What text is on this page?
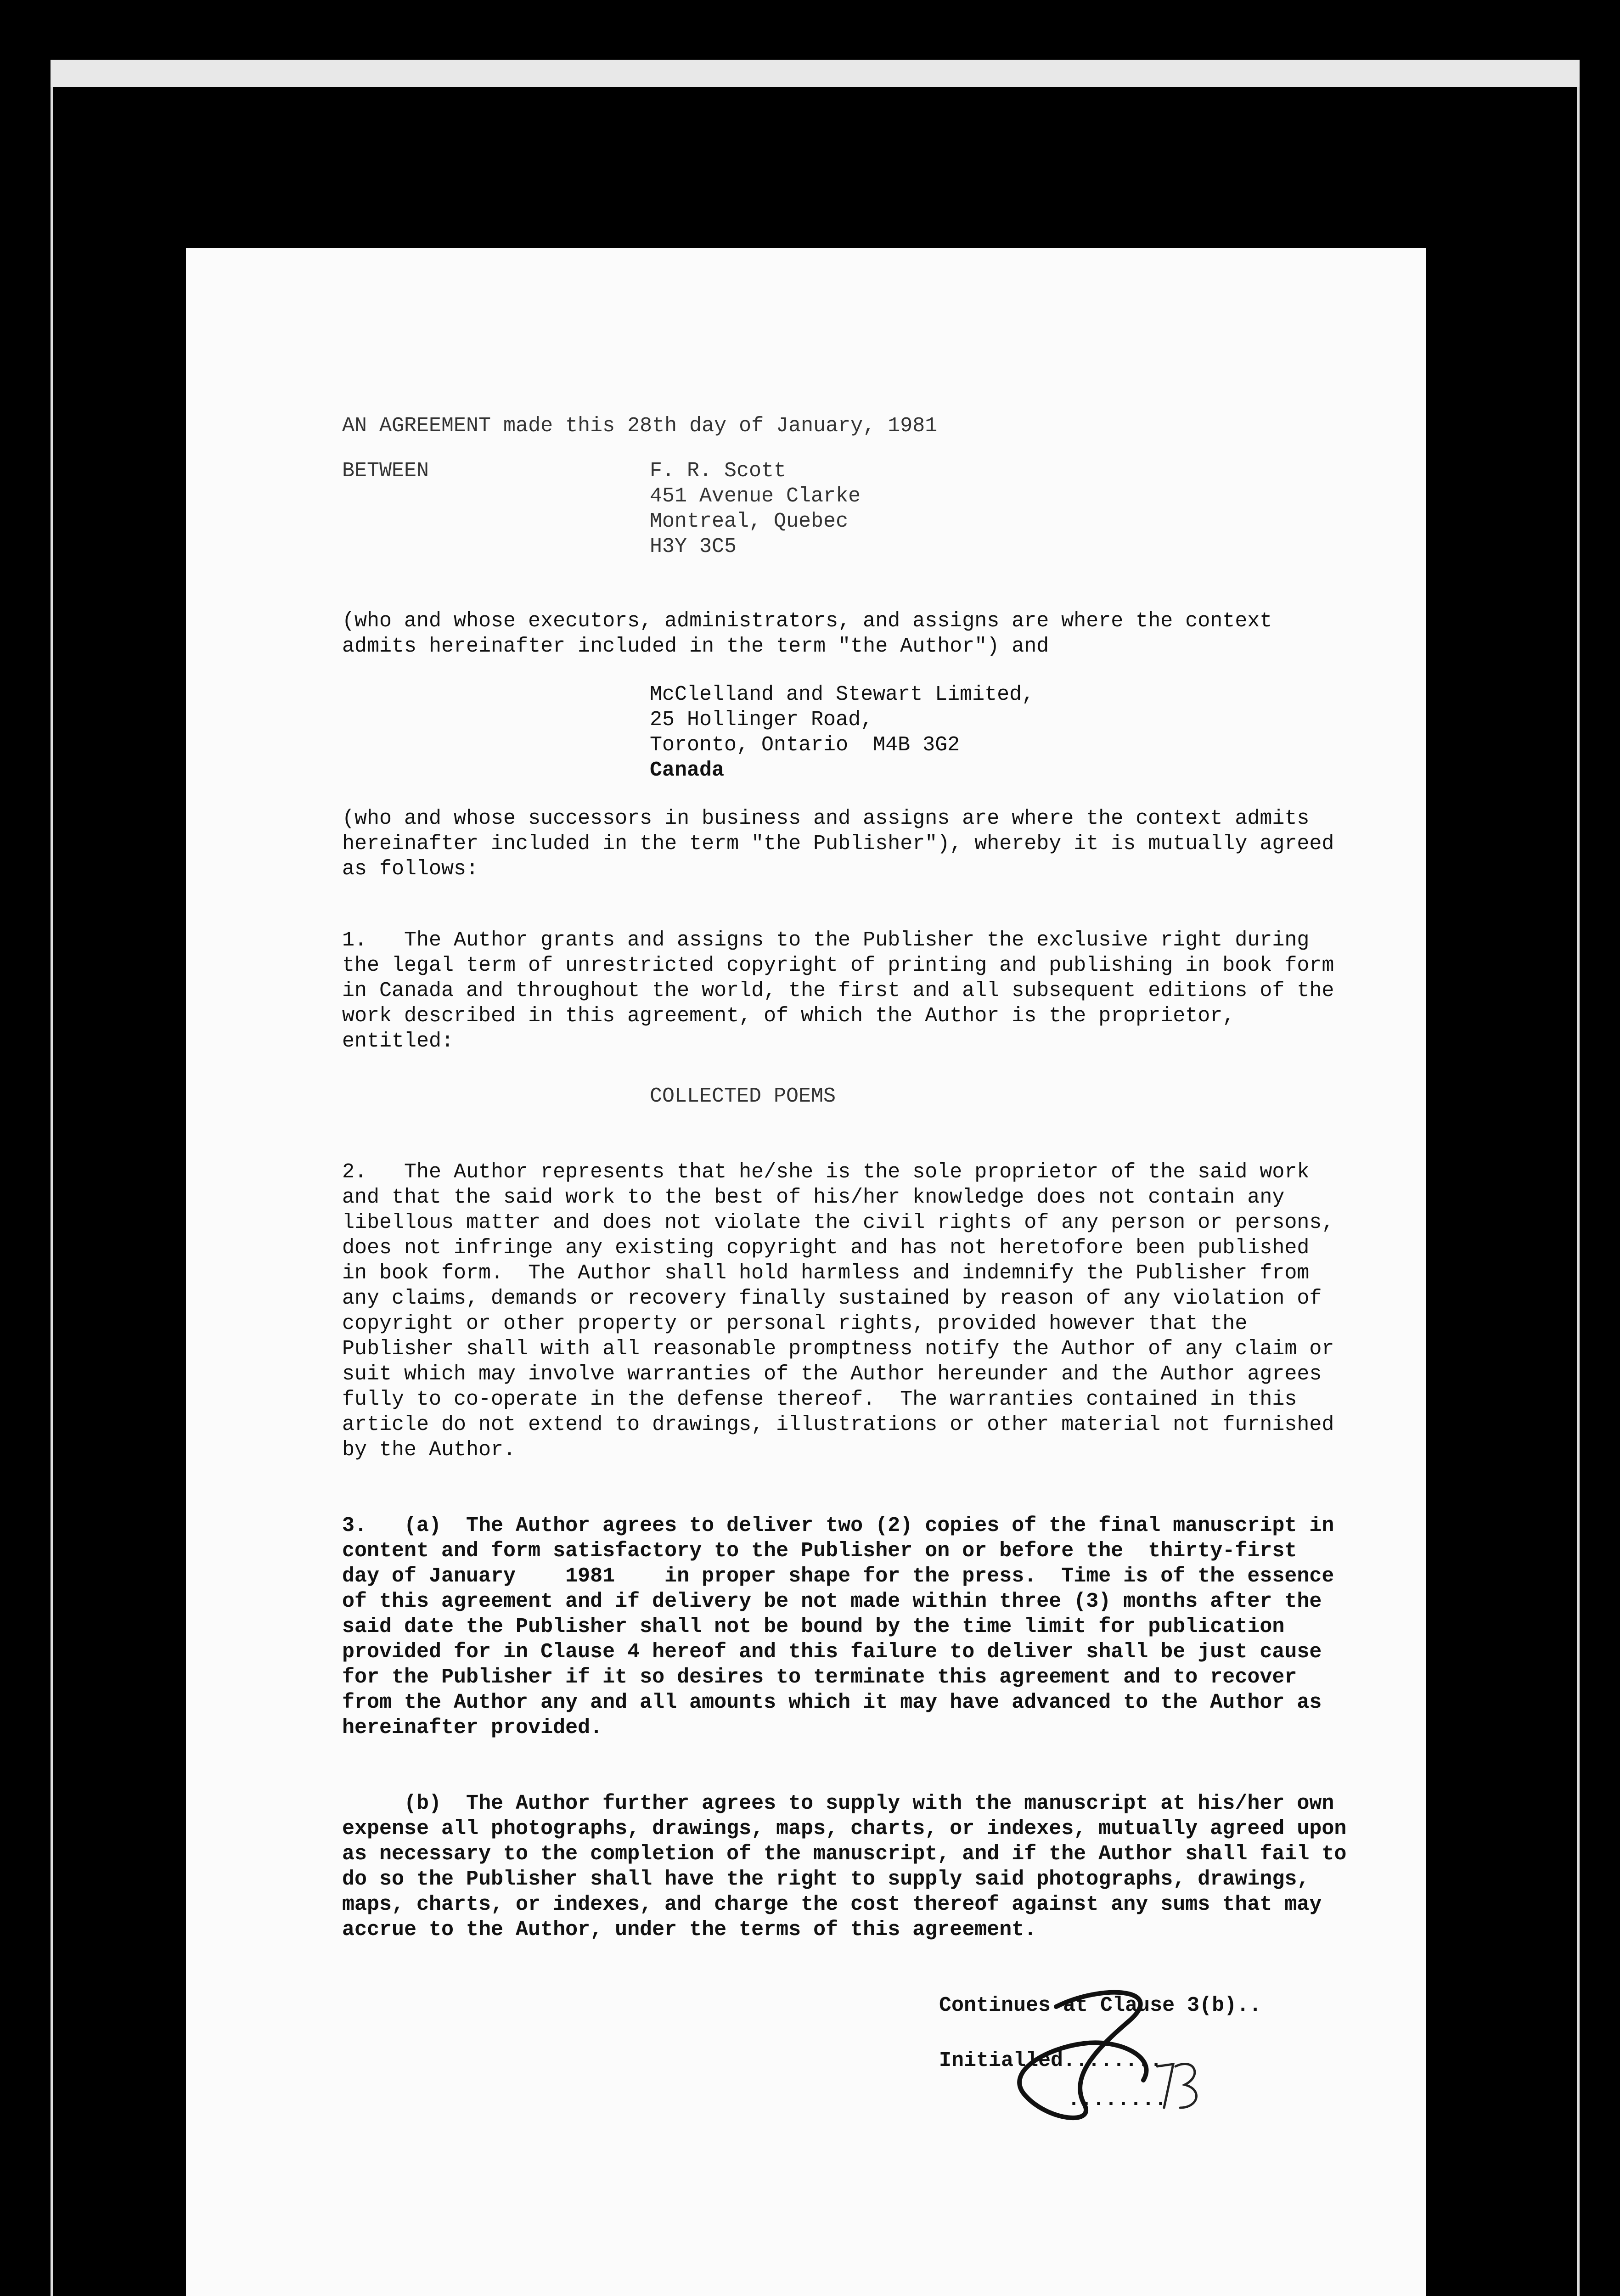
AN AGREEMENT made this 28th day of January, 1981
BETWEEN	F. R. Scott
451 Avenue Clarke
Montreal, Quebec
H3Y 3C5
(who and whose executors, administrators, and assigns are where the context
admits hereinafter included in the term "the Author") and
McClelland and Stewart Limited,
25 Hollinger Road,
Toronto, Ontario  M4B 3G2
Canada
(who and whose successors in business and assigns are where the context admits
hereinafter included in the term "the Publisher"), whereby it is mutually agreed
as follows:
1.   The Author grants and assigns to the Publisher the exclusive right during
the legal term of unrestricted copyright of printing and publishing in book form
in Canada and throughout the world, the first and all subsequent editions of the
work described in this agreement, of which the Author is the proprietor,
entitled:
COLLECTED POEMS
2.   The Author represents that he/she is the sole proprietor of the said work
and that the said work to the best of his/her knowledge does not contain any
libellous matter and does not violate the civil rights of any person or persons,
does not infringe any existing copyright and has not heretofore been published
in book form.  The Author shall hold harmless and indemnify the Publisher from
any claims, demands or recovery finally sustained by reason of any violation of
copyright or other property or personal rights, provided however that the
Publisher shall with all reasonable promptness notify the Author of any claim or
suit which may involve warranties of the Author hereunder and the Author agrees
fully to co-operate in the defense thereof.  The warranties contained in this
article do not extend to drawings, illustrations or other material not furnished
by the Author.
3.   (a)  The Author agrees to deliver two (2) copies of the final manuscript in
content and form satisfactory to the Publisher on or before the  thirty-first
day of January    1981    in proper shape for the press.  Time is of the essence
of this agreement and if delivery be not made within three (3) months after the
said date the Publisher shall not be bound by the time limit for publication
provided for in Clause 4 hereof and this failure to deliver shall be just cause
for the Publisher if it so desires to terminate this agreement and to recover
from the Author any and all amounts which it may have advanced to the Author as
hereinafter provided.
(b)  The Author further agrees to supply with the manuscript at his/her own
expense all photographs, drawings, maps, charts, or indexes, mutually agreed upon
as necessary to the completion of the manuscript, and if the Author shall fail to
do so the Publisher shall have the right to supply said photographs, drawings,
maps, charts, or indexes, and charge the cost thereof against any sums that may
accrue to the Author, under the terms of this agreement.
Continues at Clause 3(b)..
Initialled........
........
